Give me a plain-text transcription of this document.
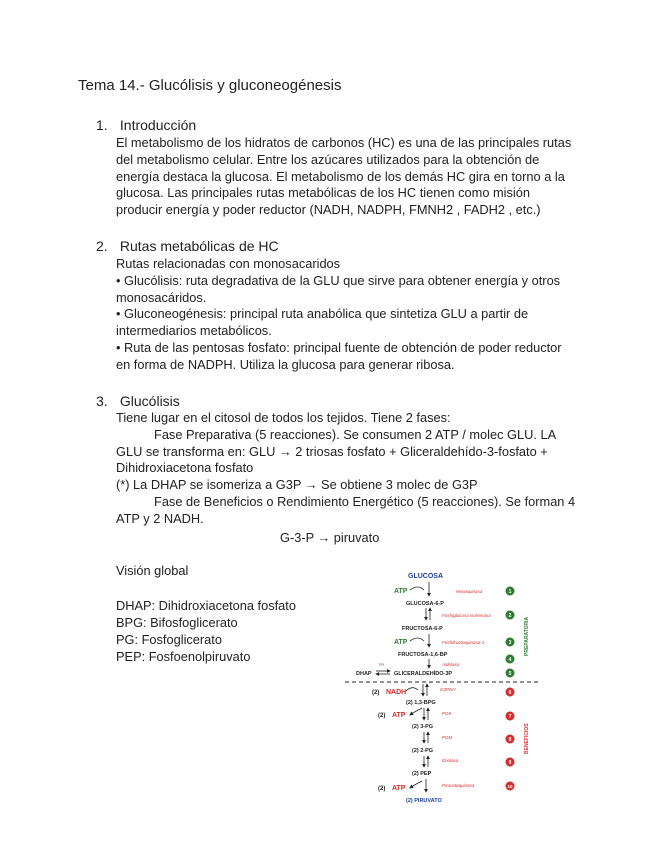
Tema 14.- Glucólisis y gluconeogénesis
1. Introducción

El metabolismo de los hidratos de carbonos (HC) es una de las principales rutas

del metabolismo celular. Entre los azúcares utilizados para la obtención de

energía destaca la glucosa. El metabolismo de los demás HC gira en torno a la

glucosa. Las principales rutas metabólicas de los HC tienen como misión

producir energía y poder reductor (NADH, NADPH, FMNH2 , FADH2 , etc.)

2. Rutas metabólicas de HC

Rutas relacionadas con monosacaridos

• Glucólisis: ruta degradativa de la GLU que sirve para obtener energía y otros

monosacáridos.

• Gluconeogénesis: principal ruta anabólica que sintetiza GLU a partir de

intermediarios metabólicos.

• Ruta de las pentosas fosfato: principal fuente de obtención de poder reductor

en forma de NADPH. Utiliza la glucosa para generar ribosa.

3. Glucólisis

Tiene lugar en el citosol de todos los tejidos. Tiene 2 fases:

Fase Preparativa (5 reacciones). Se consumen 2 ATP / molec GLU. LA

GLU se transforma en: GLU → 2 triosas fosfato + Gliceraldehído-3-fosfato +

Dihidroxiacetona fosfato

(*) La DHAP se isomeriza a G3P → Se obtiene 3 molec de G3P

Fase de Beneficios o Rendimiento Energético (5 reacciones). Se forman 4

ATP y 2 NADH.

G-3-P → piruvato
Visión global
DHAP: Dihidroxiacetona fosfato
BPG: Bifosfoglicerato
PG: Fosfoglicerato
PEP: Fosfoenolpiruvato
GLUCOSA
ATP	Hexoquinasa
GLUCOSA-6-P
Fosfoglucosa isomerasa
FRUCTOSA-6-P
ATP	Fosfofructoquinasa-1
FRUCTOSA-1,6-BP
Aldolasa
TPI
DHAP	GLICERALDEHÍDO-3P
(2) NADH	G3PDH
(2) 1,3-BPG
(2) ATP	PGK
(2) 3-PG
PGM
(2) 2-PG
Enolasa
(2) PEP
(2) ATP	Piruvatoquinasa
(2) PIRUVATO
1
2
3
4
5
6
7
8
9
10
PREPARATORIA
BENEFICIOS
